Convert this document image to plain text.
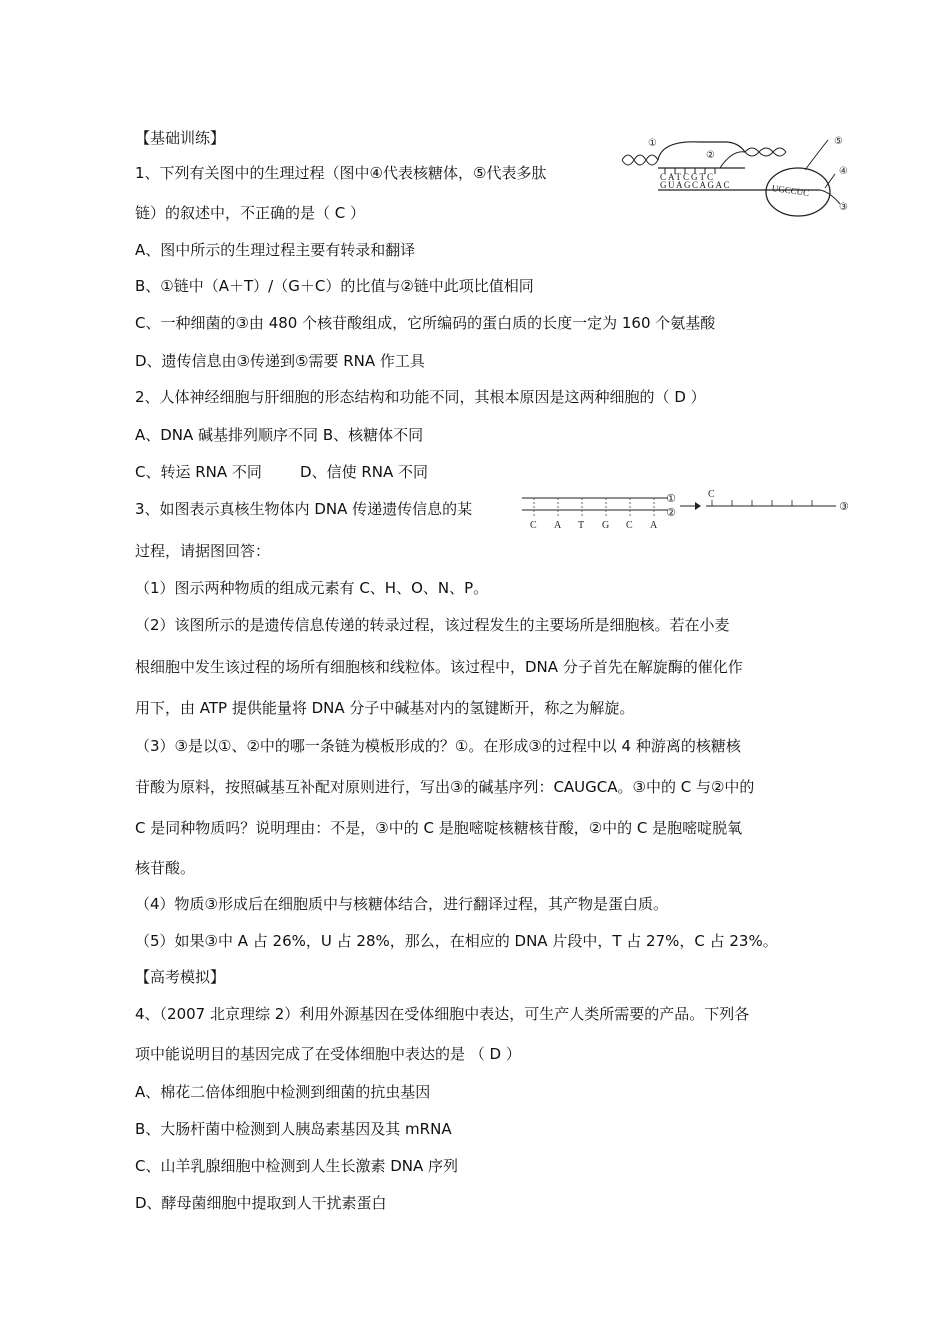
【基础训练】
1、下列有关图中的生理过程（图中④代表核糖体，⑤代表多肽
链）的叙述中，不正确的是（ C ）
A、图中所示的生理过程主要有转录和翻译
B、①链中（A＋T）/（G＋C）的比值与②链中此项比值相同
C、一种细菌的③由 480 个核苷酸组成，它所编码的蛋白质的长度一定为 160 个氨基酸
D、遗传信息由③传递到⑤需要 RNA 作工具
①
②
⑤
④
③
CATCGTC
GUAGCAGAC	UGCCUC
2、人体神经细胞与肝细胞的形态结构和功能不同，其根本原因是这两种细胞的（ D ）
A、DNA 碱基排列顺序不同 B、核糖体不同
C、转运 RNA 不同        D、信使 RNA 不同
3、如图表示真核生物体内 DNA 传递遗传信息的某
过程，请据图回答：
①
②
C A T G C A
C
③
（1）图示两种物质的组成元素有 C、H、O、N、P。
（2）该图所示的是遗传信息传递的转录过程，该过程发生的主要场所是细胞核。若在小麦
根细胞中发生该过程的场所有细胞核和线粒体。该过程中，DNA 分子首先在解旋酶的催化作
用下，由 ATP 提供能量将 DNA 分子中碱基对内的氢键断开，称之为解旋。
（3）③是以①、②中的哪一条链为模板形成的？①。在形成③的过程中以 4 种游离的核糖核
苷酸为原料，按照碱基互补配对原则进行，写出③的碱基序列：CAUGCA。③中的 C 与②中的
C 是同种物质吗？说明理由：不是，③中的 C 是胞嘧啶核糖核苷酸，②中的 C 是胞嘧啶脱氧
核苷酸。
（4）物质③形成后在细胞质中与核糖体结合，进行翻译过程，其产物是蛋白质。
（5）如果③中 A 占 26%，U 占 28%，那么，在相应的 DNA 片段中，T 占 27%，C 占 23%。
【高考模拟】
4、（2007 北京理综 2）利用外源基因在受体细胞中表达，可生产人类所需要的产品。下列各
项中能说明目的基因完成了在受体细胞中表达的是 （ D ）
A、棉花二倍体细胞中检测到细菌的抗虫基因
B、大肠杆菌中检测到人胰岛素基因及其 mRNA
C、山羊乳腺细胞中检测到人生长激素 DNA 序列
D、酵母菌细胞中提取到人干扰素蛋白
